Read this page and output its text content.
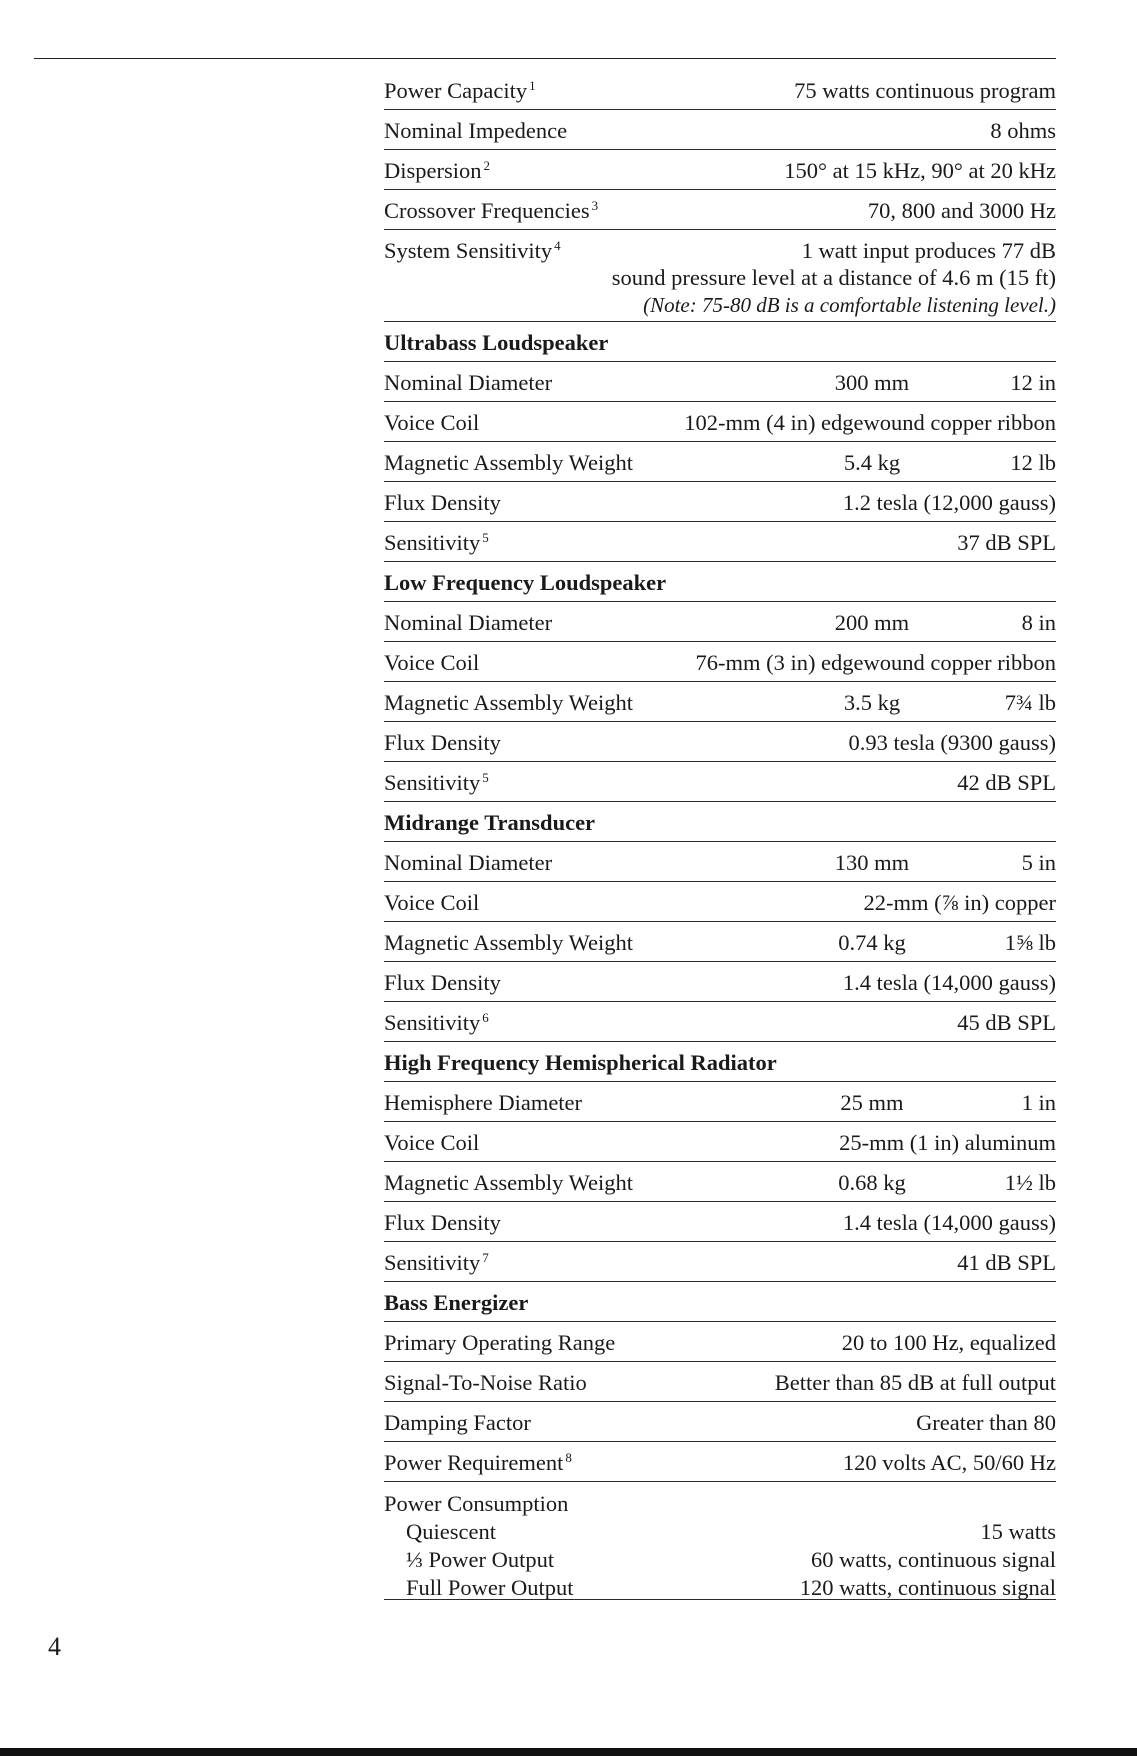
Power Capacity $^1$	75 watts continuous program
Nominal Impedence	8 ohms
Dispersion $^2$	150° at 15 kHz, 90° at 20 kHz
Crossover Frequencies $^3$	70, 800 and 3000 Hz
System Sensitivity $^4$	1 watt input produces 77 dB
sound pressure level at a distance of 4.6 m (15 ft)
(Note: 75-80 dB is a comfortable listening level.)
Ultrabass Loudspeaker
Nominal Diameter	300 mm	12 in
Voice Coil	102-mm (4 in) edgewound copper ribbon
Magnetic Assembly Weight	5.4 kg	12 lb
Flux Density	1.2 tesla (12,000 gauss)
Sensitivity $^5$	37 dB SPL
Low Frequency Loudspeaker
Nominal Diameter	200 mm	8 in
Voice Coil	76-mm (3 in) edgewound copper ribbon
Magnetic Assembly Weight	3.5 kg	7¾ lb
Flux Density	0.93 tesla (9300 gauss)
Sensitivity $^5$	42 dB SPL
Midrange Transducer
Nominal Diameter	130 mm	5 in
Voice Coil	22-mm (⅞ in) copper
Magnetic Assembly Weight	0.74 kg	1⅝ lb
Flux Density	1.4 tesla (14,000 gauss)
Sensitivity $^6$	45 dB SPL
High Frequency Hemispherical Radiator
Hemisphere Diameter	25 mm	1 in
Voice Coil	25-mm (1 in) aluminum
Magnetic Assembly Weight	0.68 kg	1½ lb
Flux Density	1.4 tesla (14,000 gauss)
Sensitivity $^7$	41 dB SPL
Bass Energizer
Primary Operating Range	20 to 100 Hz, equalized
Signal-To-Noise Ratio	Better than 85 dB at full output
Damping Factor	Greater than 80
Power Requirement $^8$	120 volts AC, 50/60 Hz
Power Consumption
Quiescent	15 watts
⅓ Power Output	60 watts, continuous signal
Full Power Output	120 watts, continuous signal
4
